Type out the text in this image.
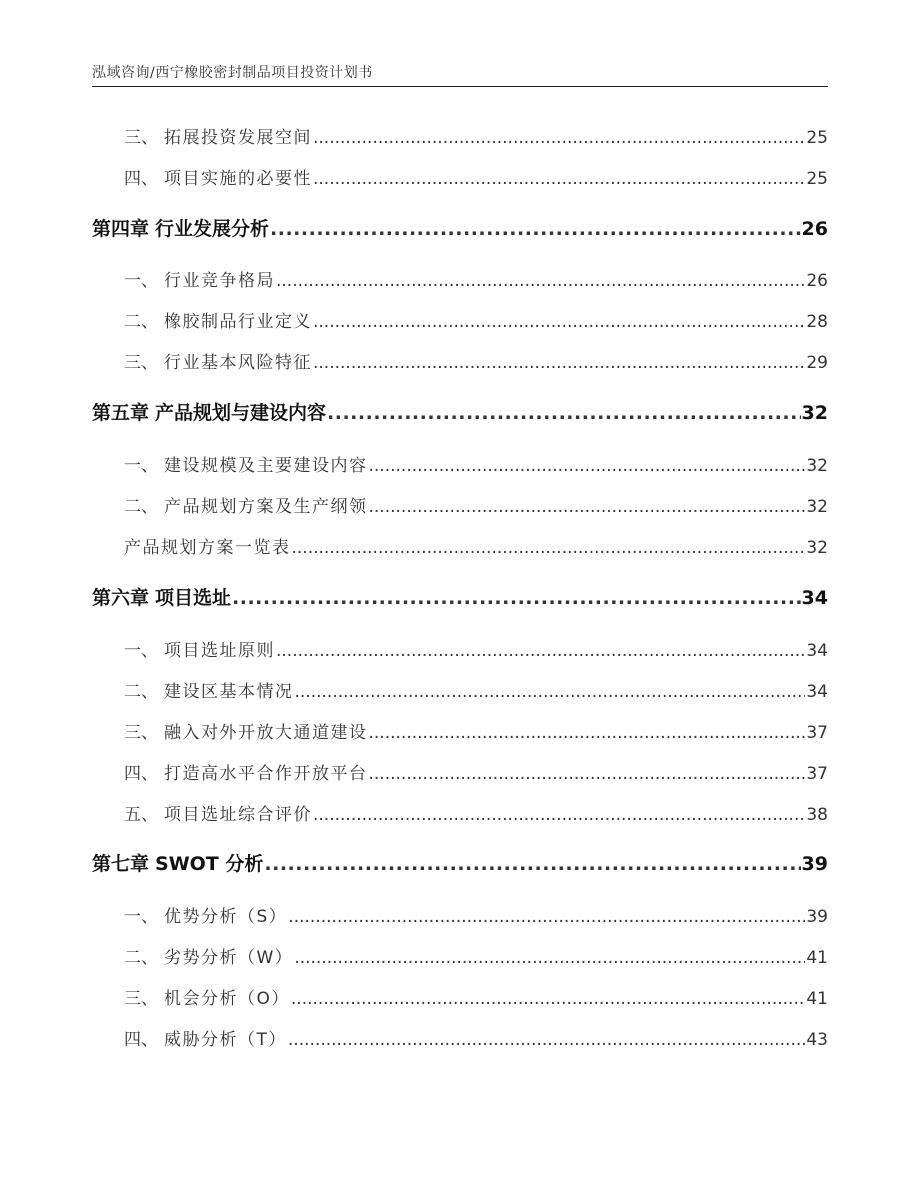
泓域咨询/西宁橡胶密封制品项目投资计划书
三、 拓展投资发展空间 .....	25
四、 项目实施的必要性 .....	25
第四章 行业发展分析 .....	26
一、 行业竞争格局 .....	26
二、 橡胶制品行业定义 .....	28
三、 行业基本风险特征 .....	29
第五章 产品规划与建设内容 .....	32
一、 建设规模及主要建设内容 .....	32
二、 产品规划方案及生产纲领 .....	32
产品规划方案一览表 .....	32
第六章 项目选址 .....	34
一、 项目选址原则 .....	34
二、 建设区基本情况 .....	34
三、 融入对外开放大通道建设 .....	37
四、 打造高水平合作开放平台 .....	37
五、 项目选址综合评价 .....	38
第七章 SWOT 分析 .....	39
一、 优势分析（S） .....	39
二、 劣势分析（W） .....	41
三、 机会分析（O） .....	41
四、 威胁分析（T） .....	43
